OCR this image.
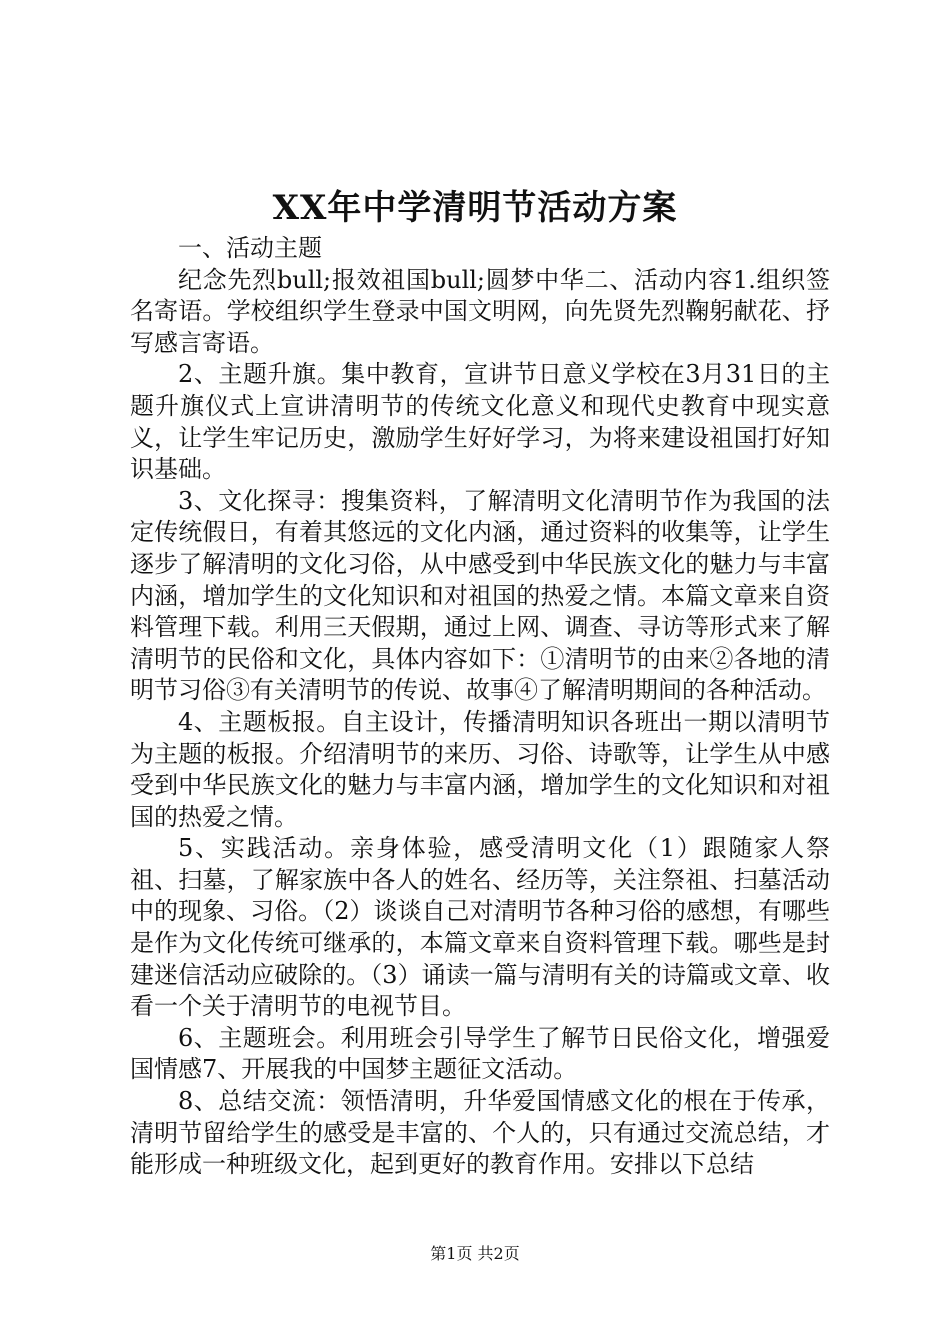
XX年中学清明节活动方案

一、活动主题

纪念先烈bull;报效祖国bull;圆梦中华二、活动内容1.组织签名寄语。学校组织学生登录中国文明网，向先贤先烈鞠躬献花、抒写感言寄语。

2、主题升旗。集中教育，宣讲节日意义学校在3月31日的主题升旗仪式上宣讲清明节的传统文化意义和现代史教育中现实意义，让学生牢记历史，激励学生好好学习，为将来建设祖国打好知识基础。

3、文化探寻：搜集资料，了解清明文化清明节作为我国的法定传统假日，有着其悠远的文化内涵，通过资料的收集等，让学生逐步了解清明的文化习俗，从中感受到中华民族文化的魅力与丰富内涵，增加学生的文化知识和对祖国的热爱之情。本篇文章来自资料管理下载。利用三天假期，通过上网、调查、寻访等形式来了解清明节的民俗和文化，具体内容如下：①清明节的由来②各地的清明节习俗③有关清明节的传说、故事④了解清明期间的各种活动。

4、主题板报。自主设计，传播清明知识各班出一期以清明节为主题的板报。介绍清明节的来历、习俗、诗歌等，让学生从中感受到中华民族文化的魅力与丰富内涵，增加学生的文化知识和对祖国的热爱之情。

5、实践活动。亲身体验，感受清明文化（1）跟随家人祭祖、扫墓，了解家族中各人的姓名、经历等，关注祭祖、扫墓活动中的现象、习俗。（2）谈谈自己对清明节各种习俗的感想，有哪些是作为文化传统可继承的，本篇文章来自资料管理下载。哪些是封建迷信活动应破除的。（3）诵读一篇与清明有关的诗篇或文章、收看一个关于清明节的电视节目。

6、主题班会。利用班会引导学生了解节日民俗文化，增强爱国情感7、开展我的中国梦主题征文活动。

8、总结交流：领悟清明，升华爱国情感文化的根在于传承，清明节留给学生的感受是丰富的、个人的，只有通过交流总结，才能形成一种班级文化，起到更好的教育作用。安排以下总结

第1页 共2页
